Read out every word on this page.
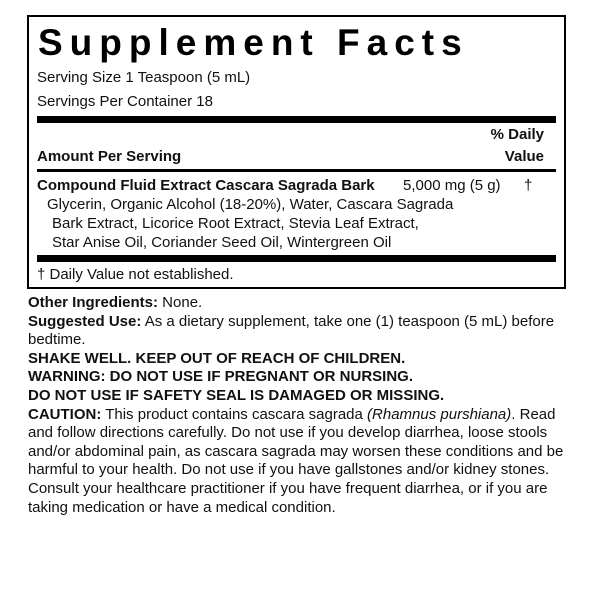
Supplement Facts
Serving Size 1 Teaspoon (5 mL)
Servings Per Container 18
% Daily
Amount Per Serving	Value
Compound Fluid Extract Cascara Sagrada Bark 5,000 mg (5 g) †
Glycerin, Organic Alcohol (18-20%), Water, Cascara Sagrada
Bark Extract, Licorice Root Extract, Stevia Leaf Extract,
Star Anise Oil, Coriander Seed Oil, Wintergreen Oil
† Daily Value not established.

Other Ingredients: None.

Suggested Use: As a dietary supplement, take one (1) teaspoon (5 mL) before bedtime.

SHAKE WELL. KEEP OUT OF REACH OF CHILDREN.

WARNING: DO NOT USE IF PREGNANT OR NURSING.

DO NOT USE IF SAFETY SEAL IS DAMAGED OR MISSING.

CAUTION: This product contains cascara sagrada (Rhamnus purshiana). Read and follow directions carefully. Do not use if you develop diarrhea, loose stools and/or abdominal pain, as cascara sagrada may worsen these conditions and be harmful to your health. Do not use if you have gallstones and/or kidney stones. Consult your healthcare practitioner if you have frequent diarrhea, or if you are taking medication or have a medical condition.
